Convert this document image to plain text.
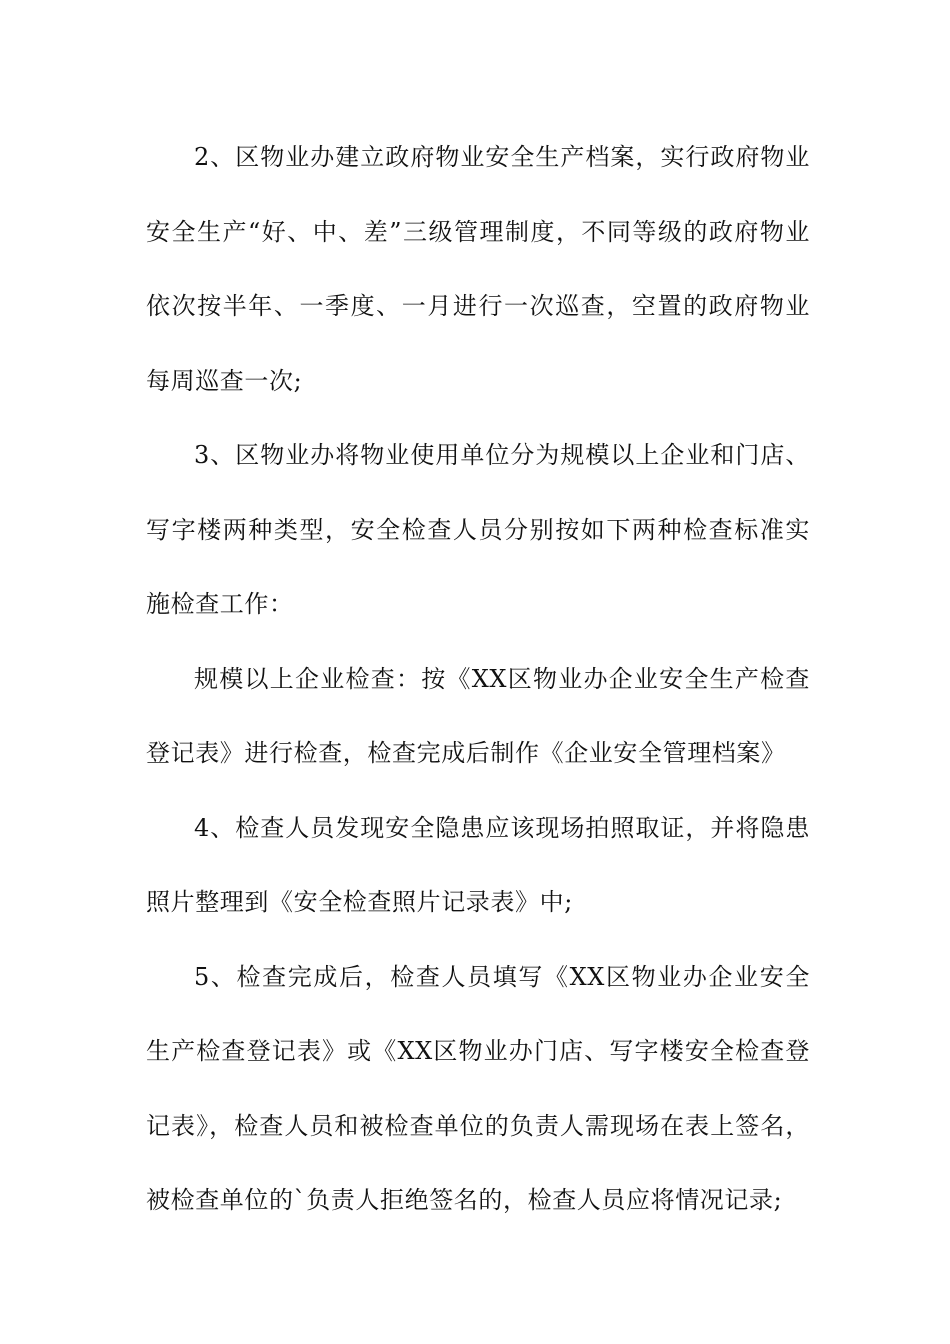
2、区物业办建立政府物业安全生产档案，实行政府物业安全生产“好、中、差”三级管理制度，不同等级的政府物业依次按半年、一季度、一月进行一次巡查，空置的政府物业每周巡查一次;

3、区物业办将物业使用单位分为规模以上企业和门店、写字楼两种类型，安全检查人员分别按如下两种检查标准实施检查工作：

规模以上企业检查：按《XX区物业办企业安全生产检查登记表》进行检查，检查完成后制作《企业安全管理档案》

4、检查人员发现安全隐患应该现场拍照取证，并将隐患照片整理到《安全检查照片记录表》中;

5、检查完成后，检查人员填写《XX区物业办企业安全生产检查登记表》或《XX区物业办门店、写字楼安全检查登记表》，检查人员和被检查单位的负责人需现场在表上签名，被检查单位的`负责人拒绝签名的，检查人员应将情况记录;
